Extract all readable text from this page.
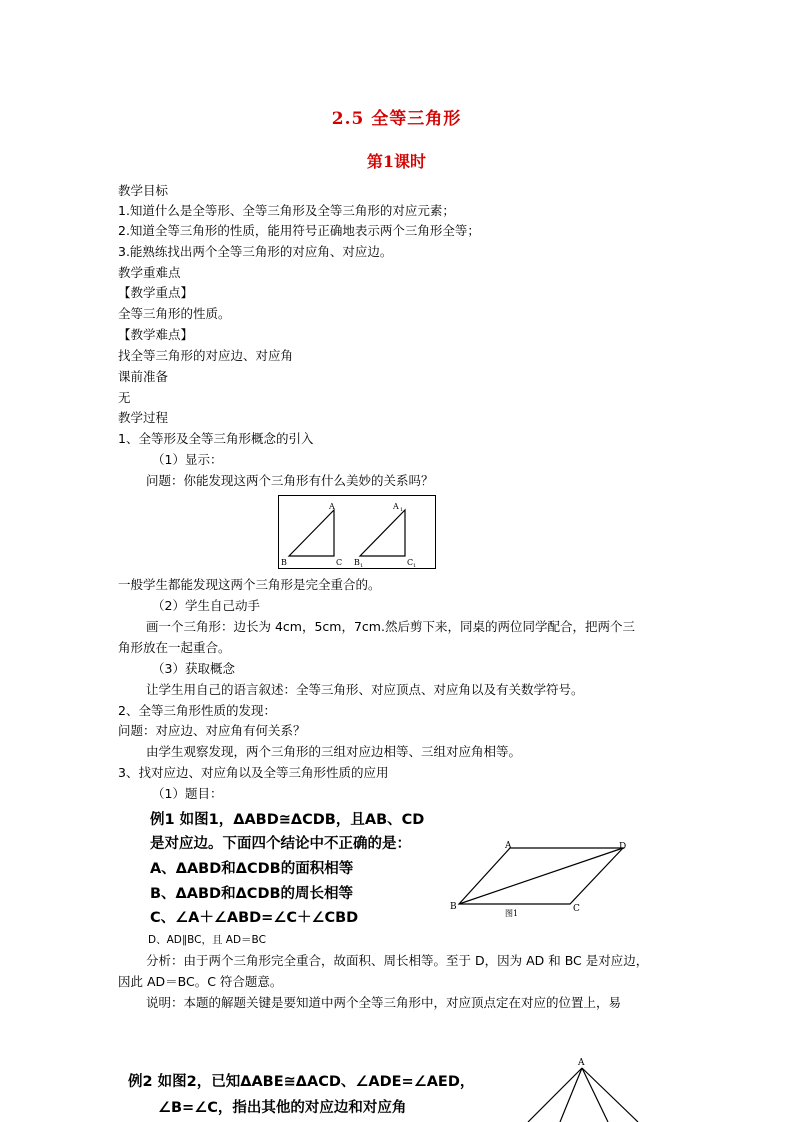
2.5 全等三角形
第1课时
教学目标
1.知道什么是全等形、全等三角形及全等三角形的对应元素；
2.知道全等三角形的性质，能用符号正确地表示两个三角形全等；
3.能熟练找出两个全等三角形的对应角、对应边。
教学重难点
【教学重点】
全等三角形的性质。
【教学难点】
找全等三角形的对应边、对应角
课前准备
无
教学过程
1、全等形及全等三角形概念的引入
（1）显示：
问题：你能发现这两个三角形有什么美妙的关系吗？
A
B	C
A 1
B 1	C 1
一般学生都能发现这两个三角形是完全重合的。
（2）学生自己动手
画一个三角形：边长为 4cm，5cm，7cm.然后剪下来，同桌的两位同学配合，把两个三
角形放在一起重合。
（3）获取概念
让学生用自己的语言叙述：全等三角形、对应顶点、对应角以及有关数学符号。
2、全等三角形性质的发现：
问题：对应边、对应角有何关系？
由学生观察发现，两个三角形的三组对应边相等、三组对应角相等。
3、找对应边、对应角以及全等三角形性质的应用
（1）题目：
例1 如图1，ΔABD≅ΔCDB，且AB、CD
是对应边。下面四个结论中不正确的是：
A、ΔABD和ΔCDB的面积相等
B、ΔABD和ΔCDB的周长相等
C、∠A＋∠ABD=∠C＋∠CBD
A
B	C
D
图1
D、AD∥BC，且 AD＝BC
分析：由于两个三角形完全重合，故面积、周长相等。至于 D，因为 AD 和 BC 是对应边，
因此 AD＝BC。C 符合题意。
说明：本题的解题关键是要知道中两个全等三角形中，对应顶点定在对应的位置上，易
例2 如图2，已知ΔABE≅ΔACD、∠ADE=∠AED，
∠B=∠C，指出其他的对应边和对应角
A
